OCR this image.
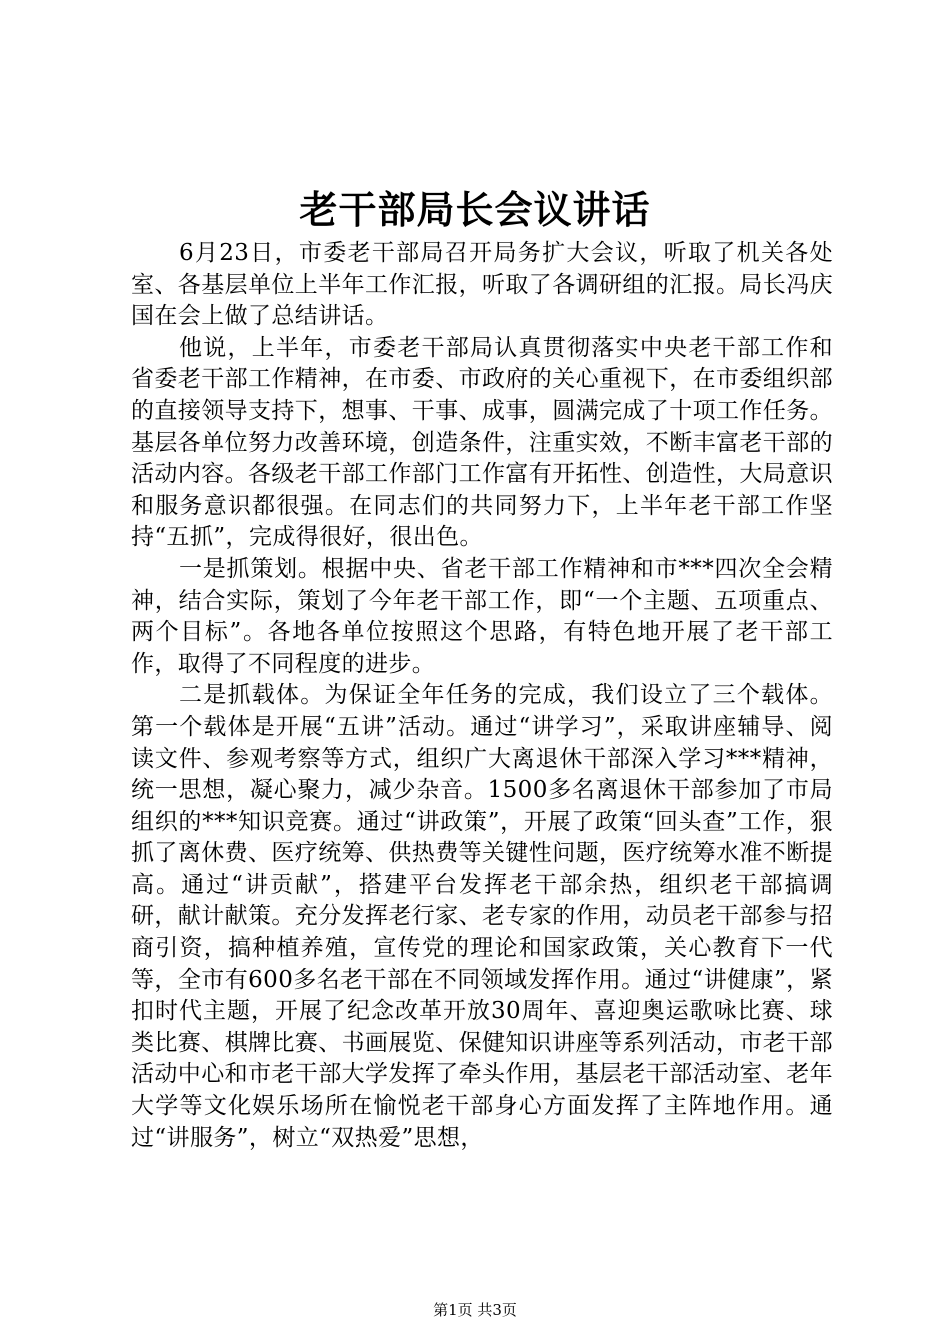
老干部局长会议讲话

6月23日，市委老干部局召开局务扩大会议，听取了机关各处室、各基层单位上半年工作汇报，听取了各调研组的汇报。局长冯庆国在会上做了总结讲话。

他说，上半年，市委老干部局认真贯彻落实中央老干部工作和省委老干部工作精神，在市委、市政府的关心重视下，在市委组织部的直接领导支持下，想事、干事、成事，圆满完成了十项工作任务。基层各单位努力改善环境，创造条件，注重实效，不断丰富老干部的活动内容。各级老干部工作部门工作富有开拓性、创造性，大局意识和服务意识都很强。在同志们的共同努力下，上半年老干部工作坚持“五抓”，完成得很好，很出色。

一是抓策划。根据中央、省老干部工作精神和市***四次全会精神，结合实际，策划了今年老干部工作，即“一个主题、五项重点、两个目标”。各地各单位按照这个思路，有特色地开展了老干部工作，取得了不同程度的进步。

二是抓载体。为保证全年任务的完成，我们设立了三个载体。第一个载体是开展“五讲”活动。通过“讲学习”，采取讲座辅导、阅读文件、参观考察等方式，组织广大离退休干部深入学习***精神，统一思想，凝心聚力，减少杂音。1500多名离退休干部参加了市局组织的***知识竞赛。通过“讲政策”，开展了政策“回头查”工作，狠抓了离休费、医疗统筹、供热费等关键性问题，医疗统筹水准不断提高。通过“讲贡献”，搭建平台发挥老干部余热，组织老干部搞调研，献计献策。充分发挥老行家、老专家的作用，动员老干部参与招商引资，搞种植养殖，宣传党的理论和国家政策，关心教育下一代等，全市有600多名老干部在不同领域发挥作用。通过“讲健康”，紧扣时代主题，开展了纪念改革开放30周年、喜迎奥运歌咏比赛、球类比赛、棋牌比赛、书画展览、保健知识讲座等系列活动，市老干部活动中心和市老干部大学发挥了牵头作用，基层老干部活动室、老年大学等文化娱乐场所在愉悦老干部身心方面发挥了主阵地作用。通过“讲服务”，树立“双热爱”思想，

第1页 共3页
